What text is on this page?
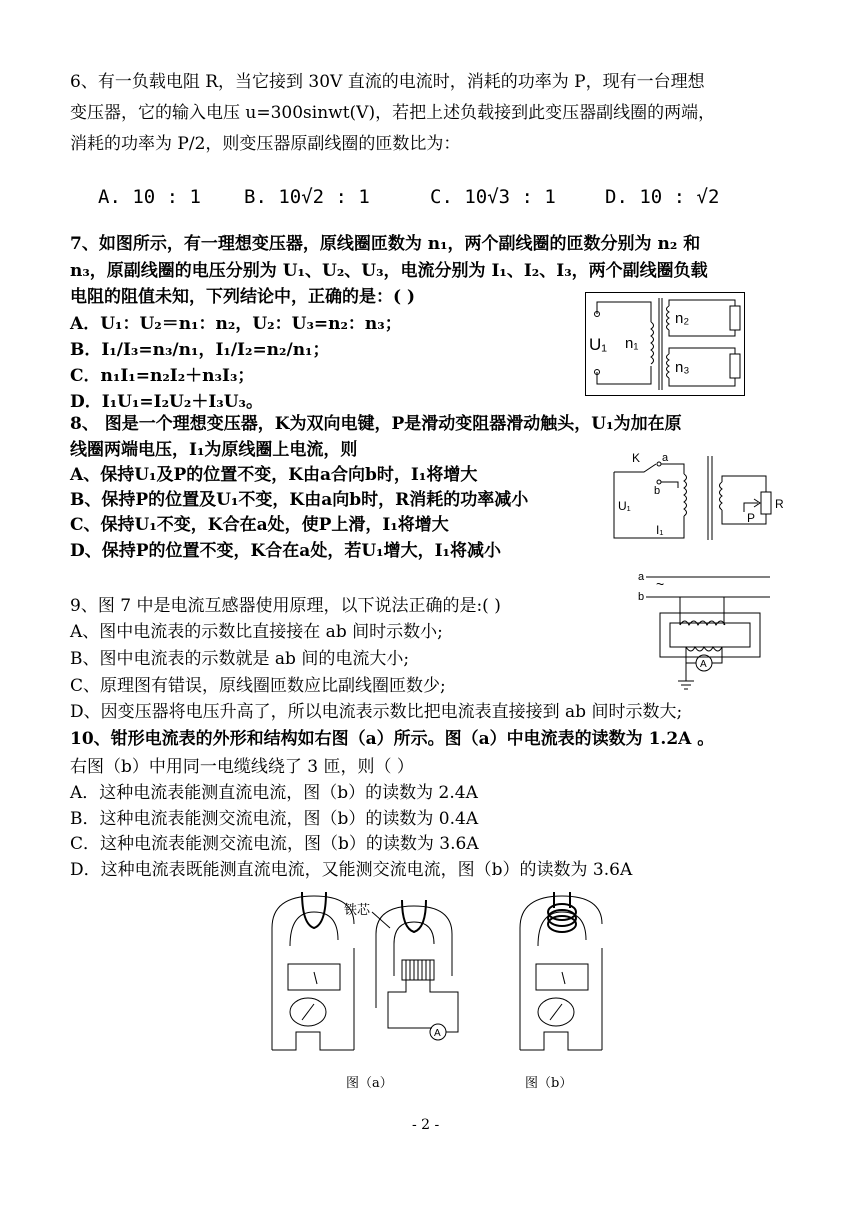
6、有一负载电阻 R，当它接到 30V 直流的电流时，消耗的功率为 P，现有一台理想
变压器，它的输入电压 u=300sinwt(V)，若把上述负载接到此变压器副线圈的两端，
消耗的功率为 P/2，则变压器原副线圈的匝数比为：
A. 10 : 1 B. 10√2 : 1	C. 10√3 : 1	D. 10 : √2
7、如图所示，有一理想变压器，原线圈匝数为 n₁，两个副线圈的匝数分别为 n₂ 和
n₃，原副线圈的电压分别为 U₁、U₂、U₃，电流分别为 I₁、I₂、I₃，两个副线圈负载
电阻的阻值未知，下列结论中，正确的是：( )
A．U₁：U₂＝n₁：n₂，U₂：U₃=n₂：n₃；
B．I₁/I₃=n₃/n₁，I₁/I₂=n₂/n₁；
C．n₁I₁=n₂I₂＋n₃I₃；
D．I₁U₁=I₂U₂＋I₃U₃。
U₁ n₁
n₂
n₃
8、 图是一个理想变压器，K为双向电键，P是滑动变阻器滑动触头，U₁为加在原
线圈两端电压，I₁为原线圈上电流，则
A、保持U₁及P的位置不变，K由a合向b时，I₁将增大
B、保持P的位置及U₁不变，K由a向b时，R消耗的功率减小
C、保持U₁不变，K合在a处，使P上滑，I₁将增大
D、保持P的位置不变，K合在a处，若U₁增大，I₁将减小
K a
b
U₁
I₁
P
R
9、图 7 中是电流互感器使用原理，以下说法正确的是:( )
A、图中电流表的示数比直接接在 ab 间时示数小;
B、图中电流表的示数就是 ab 间的电流大小;
C、原理图有错误，原线圈匝数应比副线圈匝数少;
D、因变压器将电压升高了，所以电流表示数比把电流表直接接到 ab 间时示数大;
a
b
~
A
10、钳形电流表的外形和结构如右图（a）所示。图（a）中电流表的读数为 1.2A 。
右图（b）中用同一电缆线绕了 3 匝，则（ ）
A．这种电流表能测直流电流，图（b）的读数为 2.4A
B．这种电流表能测交流电流，图（b）的读数为 0.4A
C．这种电流表能测交流电流，图（b）的读数为 3.6A
D．这种电流表既能测直流电流，又能测交流电流，图（b）的读数为 3.6A
A
铁芯
图（a）	图（b）
- 2 -
